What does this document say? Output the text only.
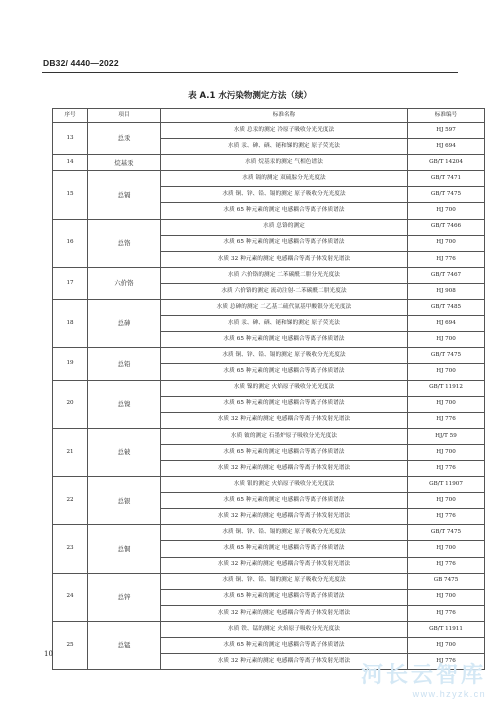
DB32/ 4440—2022
表 A.1 水污染物测定方法（续）
序号	项目	标准名称	标准编号
13	总汞	水质 总汞的测定 冷原子吸收分光光度法	HJ 597
		水质 汞、砷、硒、铋和锑的测定 原子荧光法	HJ 694
14	烷基汞	水质 烷基汞的测定 气相色谱法	GB/T 14204
15	总镉	水质 镉的测定 双硫腙分光光度法	GB/T 7471
		水质 铜、锌、铅、镉的测定 原子吸收分光光度法	GB/T 7475
		水质 65 种元素的测定 电感耦合等离子体质谱法	HJ 700
16	总铬	水质 总铬的测定	GB/T 7466
		水质 65 种元素的测定 电感耦合等离子体质谱法	HJ 700
		水质 32 种元素的测定 电感耦合等离子体发射光谱法	HJ 776
17	六价铬	水质 六价铬的测定 二苯碳酰二肼分光光度法	GB/T 7467
		水质 六价铬的测定 流动注射-二苯碳酰二肼光度法	HJ 908
18	总砷	水质 总砷的测定 二乙基二硫代氨基甲酸银分光光度法	GB/T 7485
		水质 汞、砷、硒、铋和锑的测定 原子荧光法	HJ 694
		水质 65 种元素的测定 电感耦合等离子体质谱法	HJ 700
19	总铅	水质 铜、锌、铅、镉的测定 原子吸收分光光度法	GB/T 7475
		水质 65 种元素的测定 电感耦合等离子体质谱法	HJ 700
20	总镍	水质 镍的测定 火焰原子吸收分光光度法	GB/T 11912
		水质 65 种元素的测定 电感耦合等离子体质谱法	HJ 700
		水质 32 种元素的测定 电感耦合等离子体发射光谱法	HJ 776
21	总铍	水质 铍的测定 石墨炉原子吸收分光光度法	HJ/T 59
		水质 65 种元素的测定 电感耦合等离子体质谱法	HJ 700
		水质 32 种元素的测定 电感耦合等离子体发射光谱法	HJ 776
22	总银	水质 银的测定 火焰原子吸收分光光度法	GB/T 11907
		水质 65 种元素的测定 电感耦合等离子体质谱法	HJ 700
		水质 32 种元素的测定 电感耦合等离子体发射光谱法	HJ 776
23	总铜	水质 铜、锌、铅、镉的测定 原子吸收分光光度法	GB/T 7475
		水质 65 种元素的测定 电感耦合等离子体质谱法	HJ 700
		水质 32 种元素的测定 电感耦合等离子体发射光谱法	HJ 776
24	总锌	水质 铜、锌、铅、镉的测定 原子吸收分光光度法	GB 7475
		水质 65 种元素的测定 电感耦合等离子体质谱法	HJ 700
		水质 32 种元素的测定 电感耦合等离子体发射光谱法	HJ 776
25	总锰	水质 铁、锰的测定 火焰原子吸收分光光度法	GB/T 11911
		水质 65 种元素的测定 电感耦合等离子体质谱法	HJ 700
		水质 32 种元素的测定 电感耦合等离子体发射光谱法	HJ 776
10
河长云智库
www.hzyzk.cn
